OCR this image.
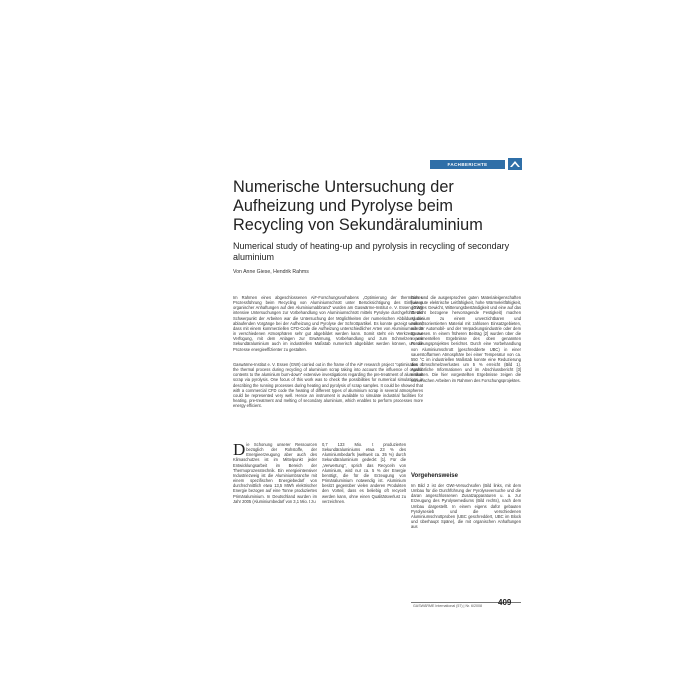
FACHBERICHTE
Numerische Untersuchung der Aufheizung und Pyrolyse beim Recycling von Sekundäraluminium
Numerical study of heating-up and pyrolysis in recycling of secondary aluminium
Von Anne Giese, Hendrik Rahms

Im Rahmen eines abgeschlossenen AiF-Forschungsvorhabens „Optimierung der thermischen Prozessführung beim Recycling von Aluminiumschrott unter Berücksichtigung des Einflusses organischer Anhaftungen auf den Aluminiumabbrand" wurden am Gaswärme-Institut e. V. Essen (GWI) intensive Untersuchungen zur Vorbehandlung von Aluminiumschrott mittels Pyrolyse durchgeführt. Ein Schwerpunkt der Arbeiten war die Untersuchung der Möglichkeiten der numerischen Abbildung der ablaufenden Vorgänge bei der Aufheizung und Pyrolyse der Schrottpartikel. Es konnte gezeigt werden, dass mit einem kommerziellen CFD-Code die Aufheizung unterschiedlicher Arten von Aluminiumschrott in verschiedenen Atmosphären sehr gut abgebildet werden kann. Somit steht ein Werkzeug zur Verfügung, mit dem Anlagen zur Erwärmung, Vorbehandlung und zum Schmelzen von Sekundäraluminium auch im industriellen Maßstab numerisch abgebildet werden können, um die Prozesse energieeffizienter zu gestalten.

Gaswärme-Institut e. V. Essen (GWI) carried out in the frame of the AiF research project "optimisation of the thermal process during recycling of aluminium scrap taking into account the influence of organic contents to the aluminium burn-down" extensive investigations regarding the pre-treatment of aluminium scrap via pyrolysis. One focus of this work was to check the possibilities for numerical simulations in describing the running processes during heating and pyrolysis of scrap samples. It could be showed that with a commercial CFD code the heating of different types of aluminium scrap in several atmospheres could be represented very well. Hence an instrument is available to simulate industrial facilities for heating, pre-treatment and melting of secondary aluminium, which enables to perform processes more energy efficient.

Die Schonung unserer Ressourcen bezüglich der Rohstoffe, der Energieerzeugung aber auch des Klimaschutzes ist im Mittelpunkt jeder Entwicklungsarbeit im Bereich der Thermoprozesstechnik. Ein energieintensiver Industriezweig ist die Aluminiumbranche mit einem spezifischen Energiebedarf von durchschnittlich etwa 13,5 MWh elektrischer Energie bezogen auf eine Tonne produziertes Primäraluminium. In Deutschland wurden im Jahr 2005 (Aluminiumbedarf von 3,1 Mio. t zu

0,7 133 Mio. t produzierten Sekundäraluminiums etwa 23 % des Aluminiumbedarfs (weltweit ca. 35 %) durch Sekundäraluminium gedeckt [1]. Für die „Verwertung", sprich das Recyceln von Aluminium, wird nur ca. 5 % der Energie benötigt, die für die Erzeugung von Primäraluminium notwendig ist. Aluminium besitzt gegenüber vielen anderen Produkten den Vorteil, dass es beliebig oft recycelt werden kann, ohne einen Qualitätsverlust zu verzeichnen.

Dies und die ausgesprochen guten Materialeigenschaften (wie gute elektrische Leitfähigkeit, hohe Wärmeleitfähigkeit, geringes Gewicht, Witterungsbeständigkeit und eine auf das Gewicht bezogene hervorragende Festigkeit) machen Aluminium zu einem unverzichtbaren und zukunftsorientierten Material mit zahlosen Einsatzgebieten, wie der Automobil- und der Verpackungsindustrie oder dem Bauwesen. In einem früheren Beitrag [2] wurden über die experimentellen Ergebnisse des oben genannten Forschungsprojektes berichtet. Durch eine Vorbehandlung von Aluminiumschrott (geschredderte UBC) in einer sauerstoffarmen Atmosphäre bei einer Temperatur von ca. 550 °C im industriellen Maßstab konnte eine Reduzierung des Umschmelzverlustes um 5 % erreicht (Bild 1). Ausführliche Informationen und im Abschlussbericht [3] enthalten. Die hier vorgestellten Ergebnisse zeigen die numerischen Arbeiten im Rahmen des Forschungsprojektes.

Vorgehensweise

Im Bild 2 ist der GWI-Versuchsofen (Bild links, mit dem Umbau für die Durchführung der Pyrolyseversuche und die daran angeschlossenen Zusatzapparaturen u. a. zur Erzeugung des Pyrolysemediums (Bild rechts), nach dem Umbau dargestellt. In einem eigens dafür gebauten Pyrolysesieb und die verschiedenen Aluminiumschrottproben (UBC geschreddert, UBC im Block und überhaupt Späne), die mit organischen Anhaftungen aus

GASWÄRME International (57) | Nr. 6/2008 409
